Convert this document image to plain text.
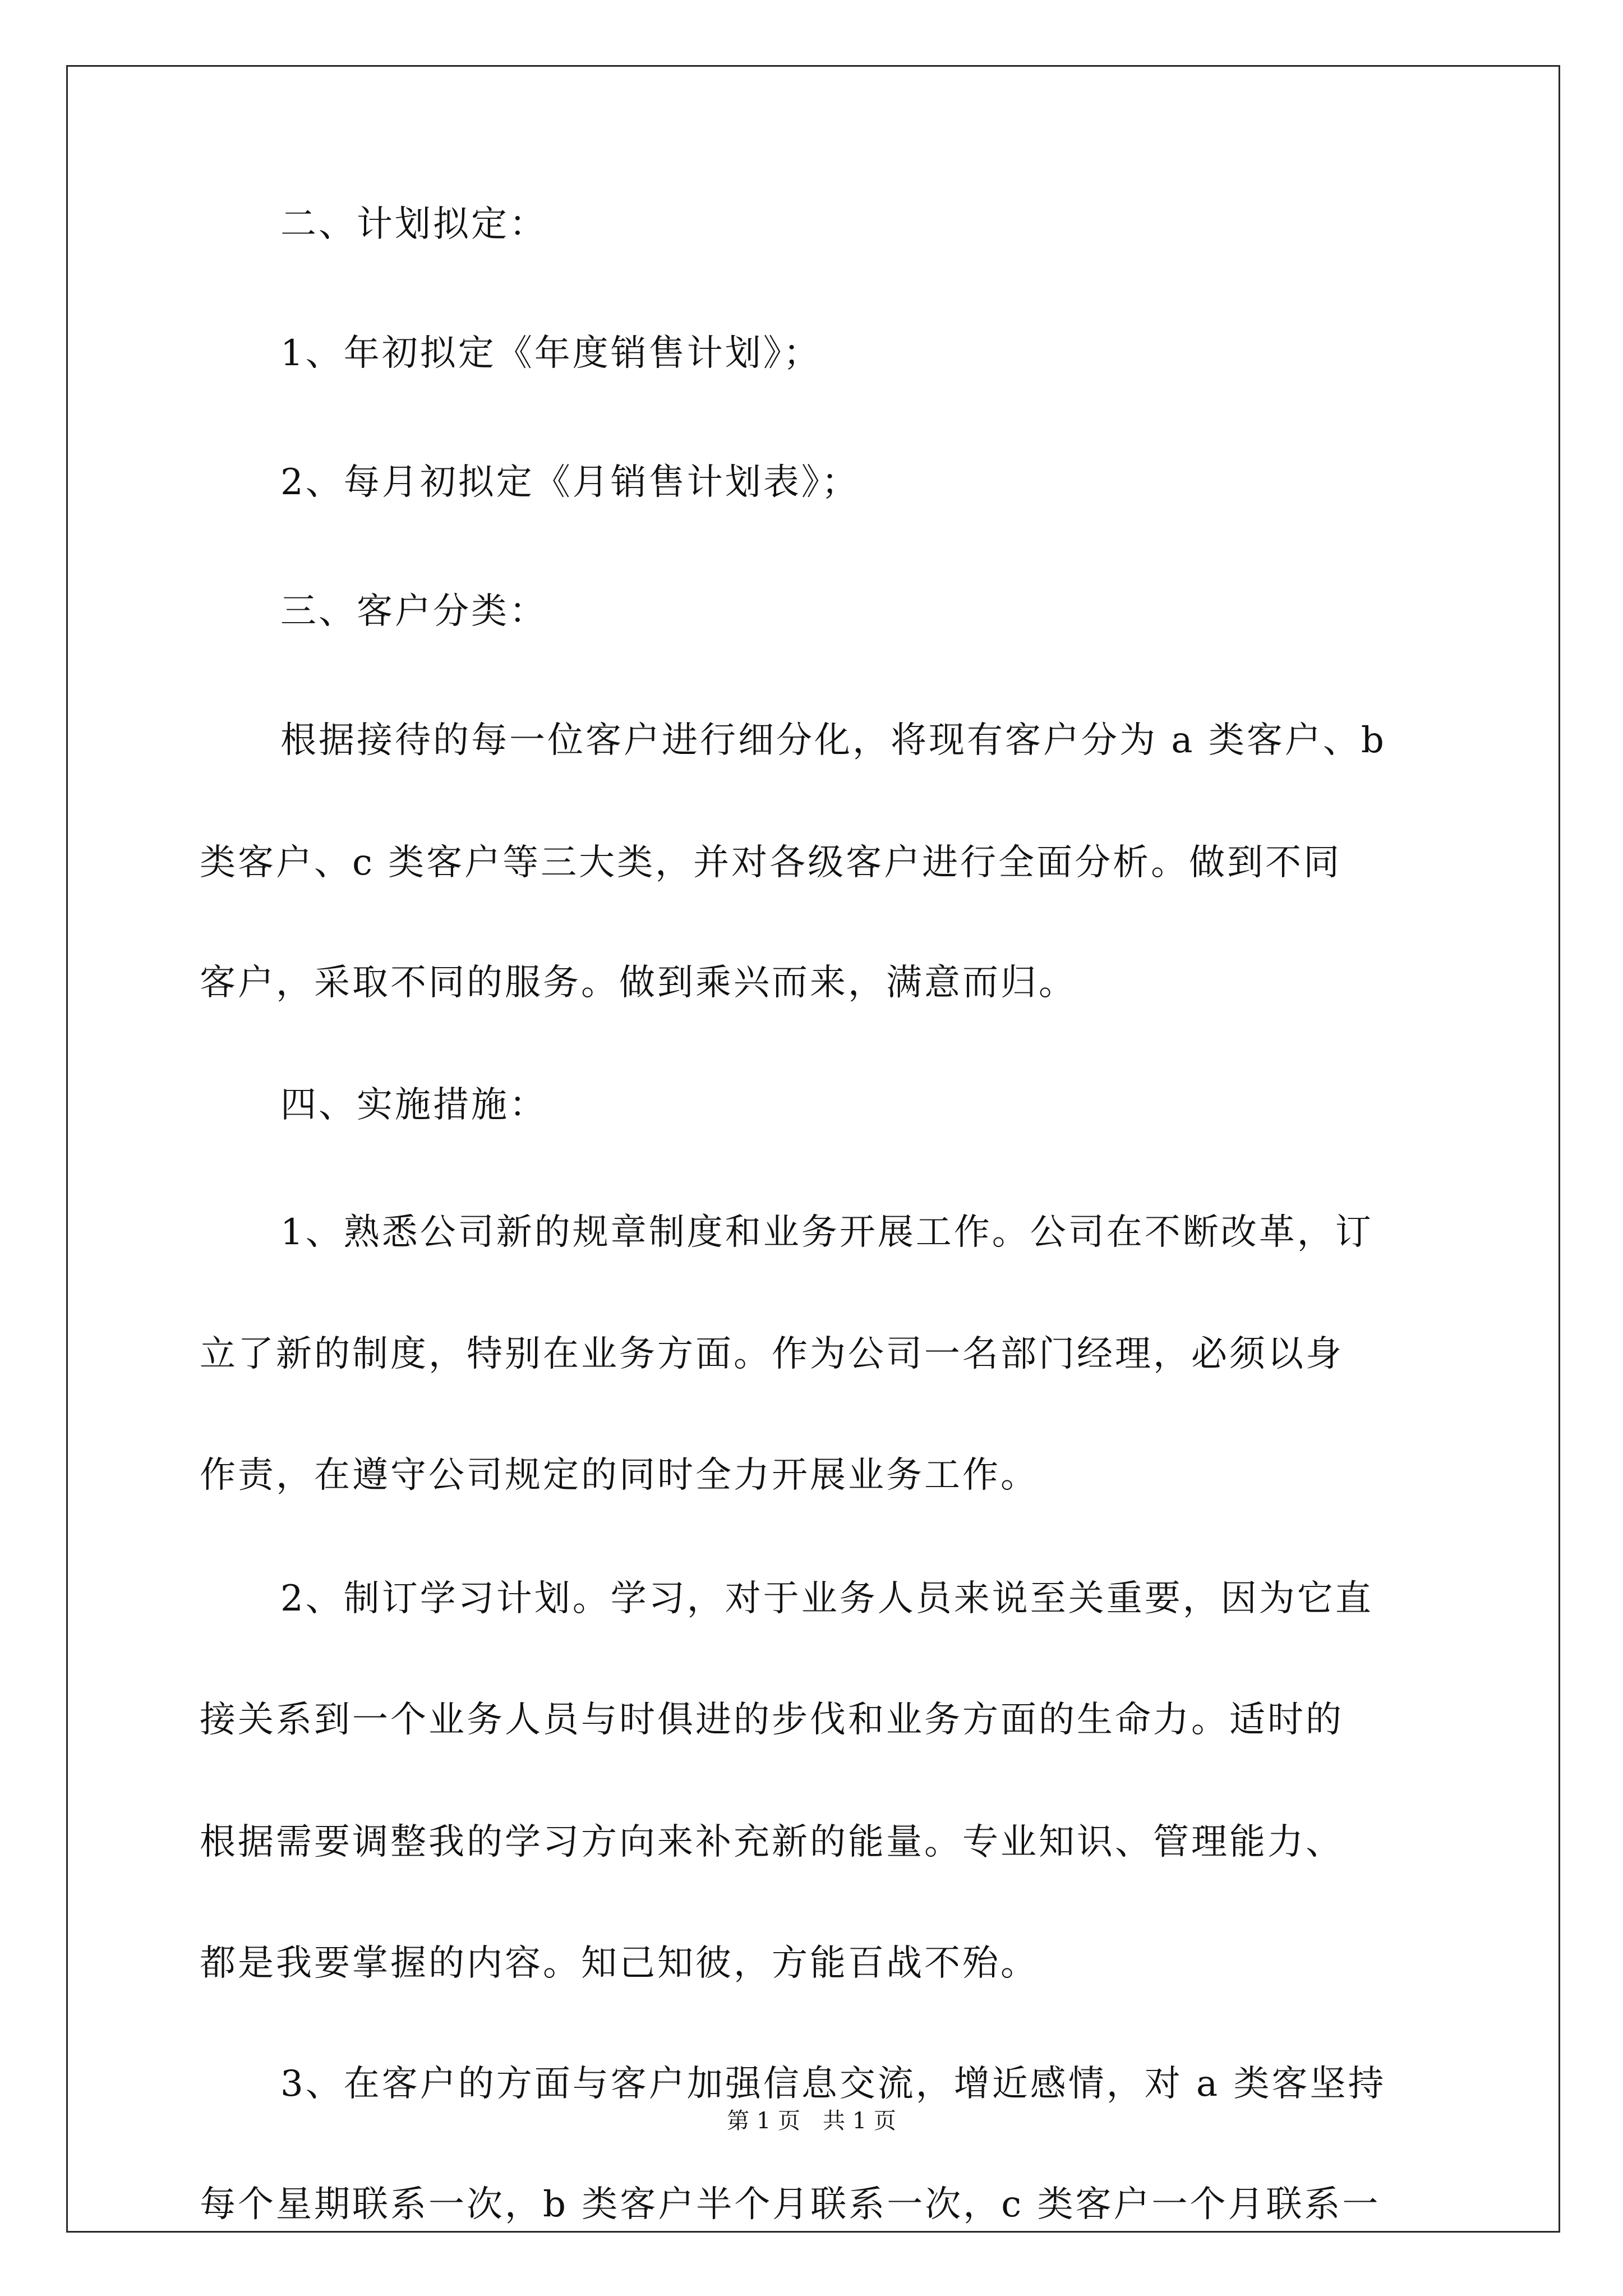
第 1 页　共 1 页
二、计划拟定：
1、年初拟定《年度销售计划》；
2、每月初拟定《月销售计划表》；
三、客户分类：
根据接待的每一位客户进行细分化，将现有客户分为 a 类客户、b
类客户、c 类客户等三大类，并对各级客户进行全面分析。做到不同
客户，采取不同的服务。做到乘兴而来，满意而归。
四、实施措施：
1、熟悉公司新的规章制度和业务开展工作。公司在不断改革，订
立了新的制度，特别在业务方面。作为公司一名部门经理，必须以身
作责，在遵守公司规定的同时全力开展业务工作。
2、制订学习计划。学习，对于业务人员来说至关重要，因为它直
接关系到一个业务人员与时俱进的步伐和业务方面的生命力。适时的
根据需要调整我的学习方向来补充新的能量。专业知识、管理能力、
都是我要掌握的内容。知己知彼，方能百战不殆。
3、在客户的方面与客户加强信息交流，增近感情，对 a 类客坚持
每个星期联系一次，b 类客户半个月联系一次，c 类客户一个月联系一
